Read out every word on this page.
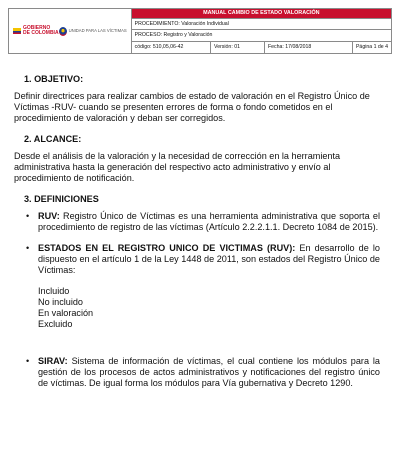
GOBIERNO
DE COLOMBIA UNIDAD PARA LAS VÍCTIMAS	MANUAL CAMBIO DE ESTADO VALORACIÓN			
	PROCEDIMIENTO: Valoración Individual			
	PROCESO: Registro y Valoración			
	código: 510,05,06-42	Versión: 01	Fecha: 17/08/2018	Página 1 de 4
1. OBJETIVO:

Definir directrices para realizar cambios de estado de valoración en el Registro Único de Víctimas -RUV- cuando se presenten errores de forma o fondo cometidos en el procedimiento de valoración y deban ser corregidos.

2. ALCANCE:

Desde el análisis de la valoración y la necesidad de corrección en la herramienta administrativa hasta la generación del respectivo acto administrativo y envío al procedimiento de notificación.

3. DEFINICIONES
• RUV: Registro Único de Víctimas es una herramienta administrativa que soporta el procedimiento de registro de las víctimas (Artículo 2.2.2.1.1. Decreto 1084 de 2015).
• ESTADOS EN EL REGISTRO UNICO DE VICTIMAS (RUV): En desarrollo de lo dispuesto en el artículo 1 de la Ley 1448 de 2011, son estados del Registro Único de Víctimas:
Incluido
No incluido
En valoración
Excluido
• SIRAV: Sistema de información de víctimas, el cual contiene los módulos para la gestión de los procesos de actos administrativos y notificaciones del registro único de víctimas. De igual forma los módulos para Vía gubernativa y Decreto 1290.
